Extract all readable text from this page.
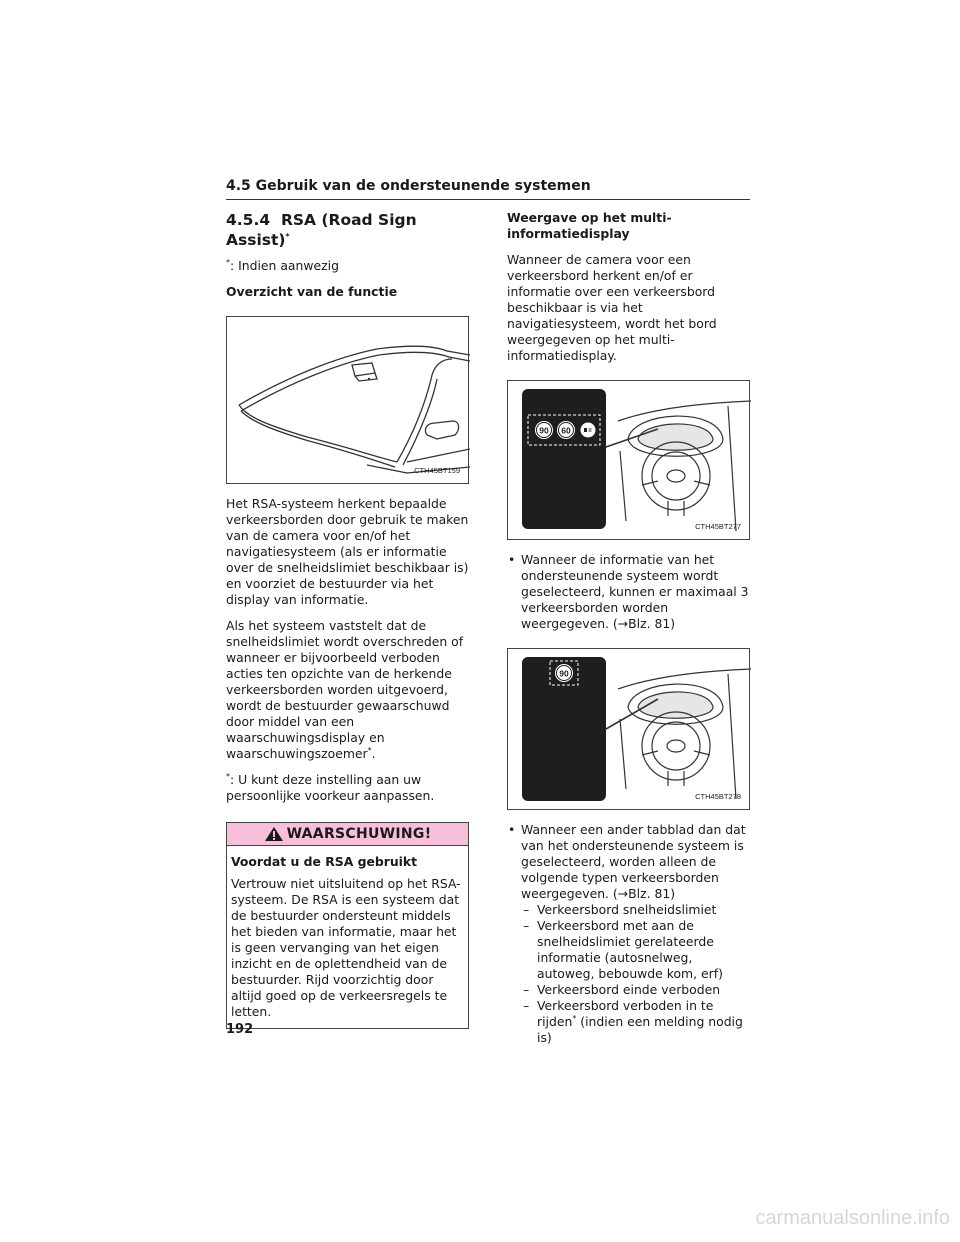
4.5 Gebruik van de ondersteunende systemen
4.5.4 RSA (Road Sign Assist)*

*: Indien aanwezig

Overzicht van de functie
CTH45BT159

Het RSA-systeem herkent bepaalde verkeersborden door gebruik te maken van de camera voor en/of het navigatiesysteem (als er informatie over de snelheidslimiet beschikbaar is) en voorziet de bestuurder via het display van informatie.

Als het systeem vaststelt dat de snelheidslimiet wordt overschreden of wanneer er bijvoorbeeld verboden acties ten opzichte van de herkende verkeersborden worden uitgevoerd, wordt de bestuurder gewaarschuwd door middel van een waarschuwingsdisplay en waarschuwingszoemer*.

*: U kunt deze instelling aan uw persoonlijke voorkeur aanpassen.

WAARSCHUWING!
Voordat u de RSA gebruikt

Vertrouw niet uitsluitend op het RSA-systeem. De RSA is een systeem dat de bestuurder ondersteunt middels het bieden van informatie, maar het is geen vervanging van het eigen inzicht en de oplettendheid van de bestuurder. Rijd voorzichtig door altijd goed op de verkeersregels te letten.

Weergave op het multi-informatiedisplay

Wanneer de camera voor een verkeersbord herkent en/of er informatie over een verkeersbord beschikbaar is via het navigatiesysteem, wordt het bord weergegeven op het multi-informatiedisplay.

90 60
CTH45BT277
• Wanneer de informatie van het ondersteunende systeem wordt geselecteerd, kunnen er maximaal 3 verkeersborden worden weergegeven. (→Blz. 81)
90
CTH45BT278
• Wanneer een ander tabblad dan dat van het ondersteunende systeem is geselecteerd, worden alleen de volgende typen verkeersborden weergegeven. (→Blz. 81)
– Verkeersbord snelheidslimiet
– Verkeersbord met aan de snelheidslimiet gerelateerde informatie (autosnelweg, autoweg, bebouwde kom, erf)
– Verkeersbord einde verboden
– Verkeersbord verboden in te rijden* (indien een melding nodig is)
192
carmanualsonline.info
